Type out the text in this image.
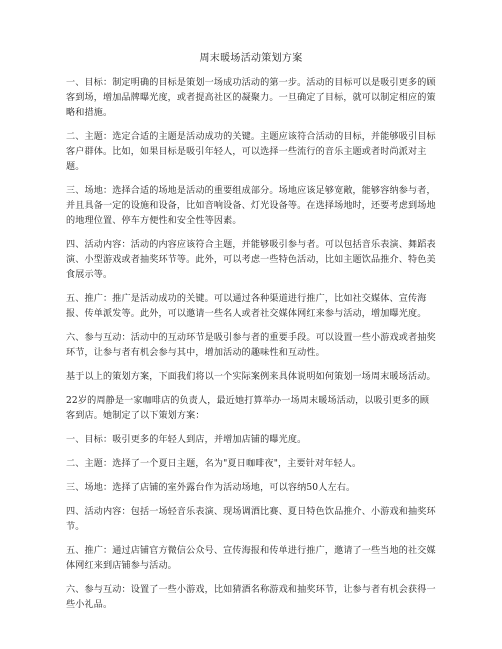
周末暖场活动策划方案

一、目标：制定明确的目标是策划一场成功活动的第一步。活动的目标可以是吸引更多的顾客到场，增加品牌曝光度，或者提高社区的凝聚力。一旦确定了目标，就可以制定相应的策略和措施。

二、主题：选定合适的主题是活动成功的关键。主题应该符合活动的目标，并能够吸引目标客户群体。比如，如果目标是吸引年轻人，可以选择一些流行的音乐主题或者时尚派对主题。

三、场地：选择合适的场地是活动的重要组成部分。场地应该足够宽敞，能够容纳参与者，并且具备一定的设施和设备，比如音响设备、灯光设备等。在选择场地时，还要考虑到场地的地理位置、停车方便性和安全性等因素。

四、活动内容：活动的内容应该符合主题，并能够吸引参与者。可以包括音乐表演、舞蹈表演、小型游戏或者抽奖环节等。此外，可以考虑一些特色活动，比如主题饮品推介、特色美食展示等。

五、推广：推广是活动成功的关键。可以通过各种渠道进行推广，比如社交媒体、宣传海报、传单派发等。此外，可以邀请一些名人或者社交媒体网红来参与活动，增加曝光度。

六、参与互动：活动中的互动环节是吸引参与者的重要手段。可以设置一些小游戏或者抽奖环节，让参与者有机会参与其中，增加活动的趣味性和互动性。

基于以上的策划方案，下面我们将以一个实际案例来具体说明如何策划一场周末暖场活动。

22岁的周静是一家咖啡店的负责人，最近她打算举办一场周末暖场活动，以吸引更多的顾客到店。她制定了以下策划方案：

一、目标：吸引更多的年轻人到店，并增加店铺的曝光度。

二、主题：选择了一个夏日主题，名为"夏日咖啡夜"，主要针对年轻人。

三、场地：选择了店铺的室外露台作为活动场地，可以容纳50人左右。

四、活动内容：包括一场轻音乐表演、现场调酒比赛、夏日特色饮品推介、小游戏和抽奖环节。

五、推广：通过店铺官方微信公众号、宣传海报和传单进行推广，邀请了一些当地的社交媒体网红来到店铺参与活动。

六、参与互动：设置了一些小游戏，比如猜酒名称游戏和抽奖环节，让参与者有机会获得一些小礼品。
